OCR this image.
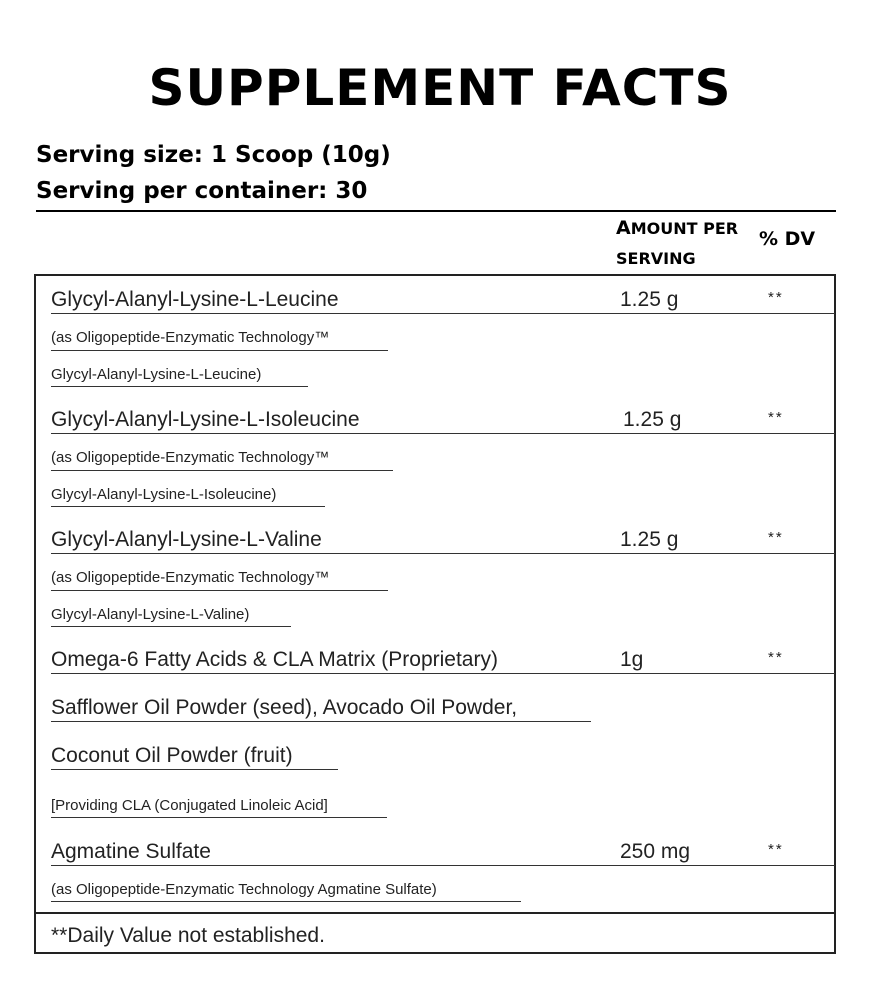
SUPPLEMENT FACTS
Serving size: 1 Scoop (10g)
Serving per container: 30
AMOUNT PER
SERVING
% DV
Glycyl-Alanyl-Lysine-L-Leucine	1.25 g	**
(as Oligopeptide-Enzymatic Technology™
Glycyl-Alanyl-Lysine-L-Leucine)
Glycyl-Alanyl-Lysine-L-Isoleucine	1.25 g	**
(as Oligopeptide-Enzymatic Technology™
Glycyl-Alanyl-Lysine-L-Isoleucine)
Glycyl-Alanyl-Lysine-L-Valine	1.25 g	**
(as Oligopeptide-Enzymatic Technology™
Glycyl-Alanyl-Lysine-L-Valine)
Omega-6 Fatty Acids & CLA Matrix (Proprietary)	1g	**
Safflower Oil Powder (seed), Avocado Oil Powder,
Coconut Oil Powder (fruit)
[Providing CLA (Conjugated Linoleic Acid]
Agmatine Sulfate	250 mg	**
(as Oligopeptide-Enzymatic Technology Agmatine Sulfate)
**Daily Value not established.
